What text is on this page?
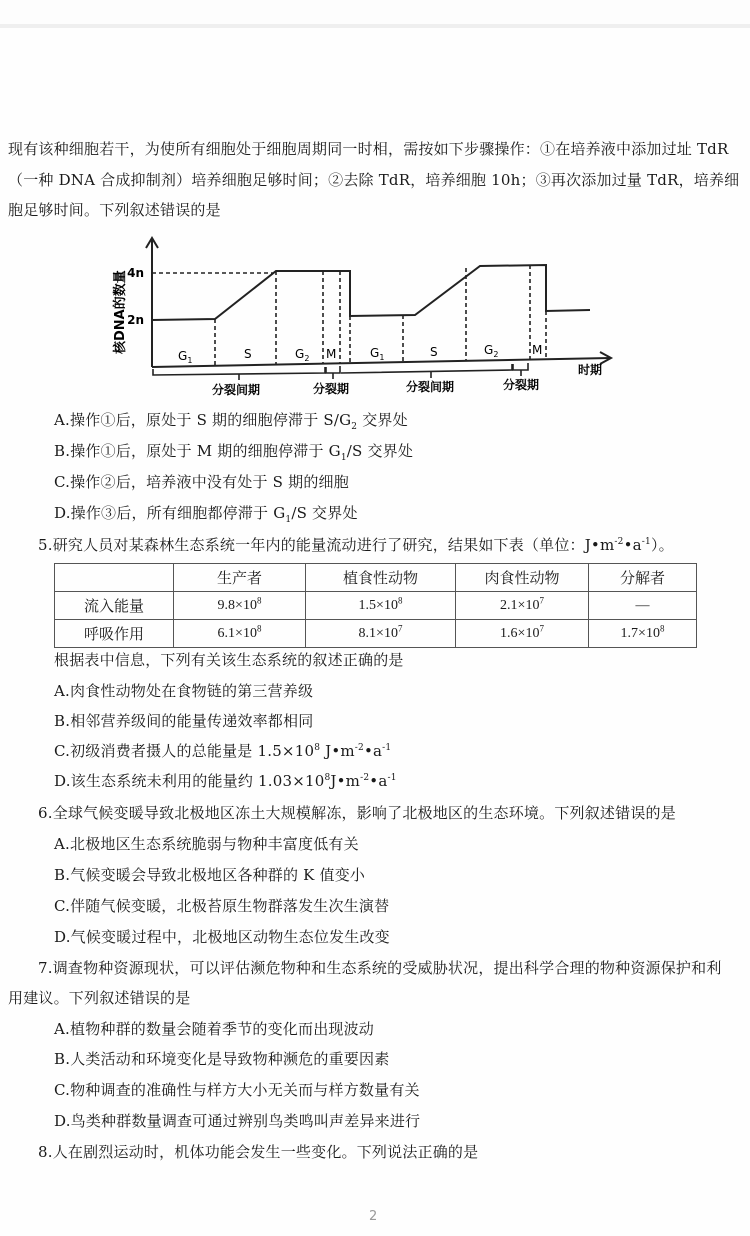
现有该种细胞若干，为使所有细胞处于细胞周期同一时相，需按如下步骤操作：①在培养液中添加过址 TdR
（一种 DNA 合成抑制剂）培养细胞足够时间；②去除 TdR，培养细胞 10h；③再次添加过量 TdR，培养细
胞足够时间。下列叙述错误的是
4n
2n
核DNA的数量
$G_1$	S	$G_2$ M	$G_1$	S	$G_2$	M
分裂间期	分裂期	分裂间期	分裂期
时期
A.操作①后，原处于 S 期的细胞停滞于 $S/G_2$ 交界处
B.操作①后，原处于 M 期的细胞停滞于 $G_1/S$ 交界处
C.操作②后，培养液中没有处于 S 期的细胞
D.操作③后，所有细胞都停滞于 $G_1/S$ 交界处
5.研究人员对某森林生态系统一年内的能量流动进行了研究，结果如下表（单位：$J•m^{-2}•a^{-1}$）。
	生产者	植食性动物	肉食性动物	分解者
流入能量	$9.8\times 10^8$	$1.5\times 10^8$	$2.1\times 10^7$	—
呼吸作用	$6.1\times 10^8$	$8.1\times 10^7$	$1.6\times 10^7$	$1.7\times 10^8$
根据表中信息，下列有关该生态系统的叙述正确的是
A.肉食性动物处在食物链的第三营养级
B.相邻营养级间的能量传递效率都相同
C.初级消费者摄人的总能量是 $1.5\times 10^8$ $J•m^{-2}•a^{-1}$
D.该生态系统未利用的能量约 $1.03\times 10^8J•m^{-2}•a^{-1}$
6.全球气候变暖导致北极地区冻土大规模解冻，影响了北极地区的生态环境。下列叙述错误的是
A.北极地区生态系统脆弱与物种丰富度低有关
B.气候变暖会导致北极地区各种群的 K 值变小
C.伴随气候变暖，北极苔原生物群落发生次生演替
D.气候变暖过程中，北极地区动物生态位发生改变
7.调查物种资源现状，可以评估濒危物种和生态系统的受威胁状况，提出科学合理的物种资源保护和利
用建议。下列叙述错误的是
A.植物种群的数量会随着季节的变化而出现波动
B.人类活动和环境变化是导致物种濒危的重要因素
C.物种调查的准确性与样方大小无关而与样方数量有关
D.鸟类种群数量调查可通过辨别鸟类鸣叫声差异来进行
8.人在剧烈运动时，机体功能会发生一些变化。下列说法正确的是
2
